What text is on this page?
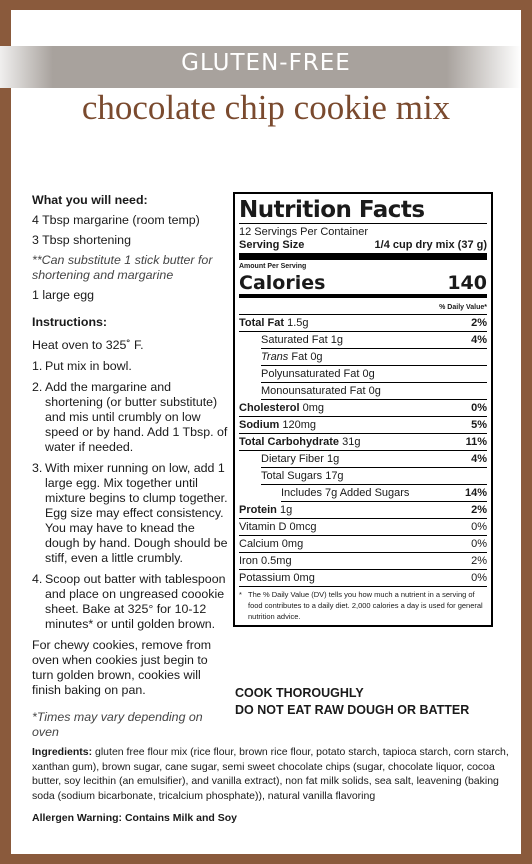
GLUTEN-FREE
chocolate chip cookie mix
What you will need:
4 Tbsp margarine (room temp)
3 Tbsp shortening
**Can substitute 1 stick butter for shortening and margarine
1 large egg
Instructions:
Heat oven to 325˚ F.
1. Put mix in bowl.
2. Add the margarine and shortening (or butter substitute) and mis until crumbly on low speed or by hand. Add 1 Tbsp. of water if needed.
3. With mixer running on low, add 1 large egg. Mix together until mixture begins to clump together. Egg size may effect consistency. You may have to knead the dough by hand. Dough should be stiff, even a little crumbly.
4. Scoop out batter with tablespoon and place on ungreased coookie sheet. Bake at 325° for 10-12 minutes* or until golden brown.
For chewy cookies, remove from oven when cookies just begin to turn golden brown, cookies will finish baking on pan.
*Times may vary depending on oven
Nutrition Facts
12 Servings Per Container
Serving Size	1/4 cup dry mix (37 g)
Amount Per Serving
Calories	140
% Daily Value*
Total Fat 1.5g	2%
Saturated Fat 1g	4%
Trans Fat 0g
Polyunsaturated Fat 0g
Monounsaturated Fat 0g
Cholesterol 0mg	0%
Sodium 120mg	5%
Total Carbohydrate 31g	11%
Dietary Fiber 1g	4%
Total Sugars 17g
Includes 7g Added Sugars	14%
Protein 1g	2%
Vitamin D 0mcg	0%
Calcium 0mg	0%
Iron 0.5mg	2%
Potassium 0mg	0%
* The % Daily Value (DV) tells you how much a nutrient in a serving of food contributes to a daily diet. 2,000 calories a day is used for general nutrition advice.
COOK THOROUGHLY
DO NOT EAT RAW DOUGH OR BATTER
Ingredients: gluten free flour mix (rice flour, brown rice flour, potato starch, tapioca starch, corn starch, xanthan gum), brown sugar, cane sugar, semi sweet chocolate chips (sugar, chocolate liquor, cocoa butter, soy lecithin (an emulsifier), and vanilla extract), non fat milk solids, sea salt, leavening (baking soda (sodium bicarbonate, tricalcium phosphate)), natural vanilla flavoring
Allergen Warning: Contains Milk and Soy
